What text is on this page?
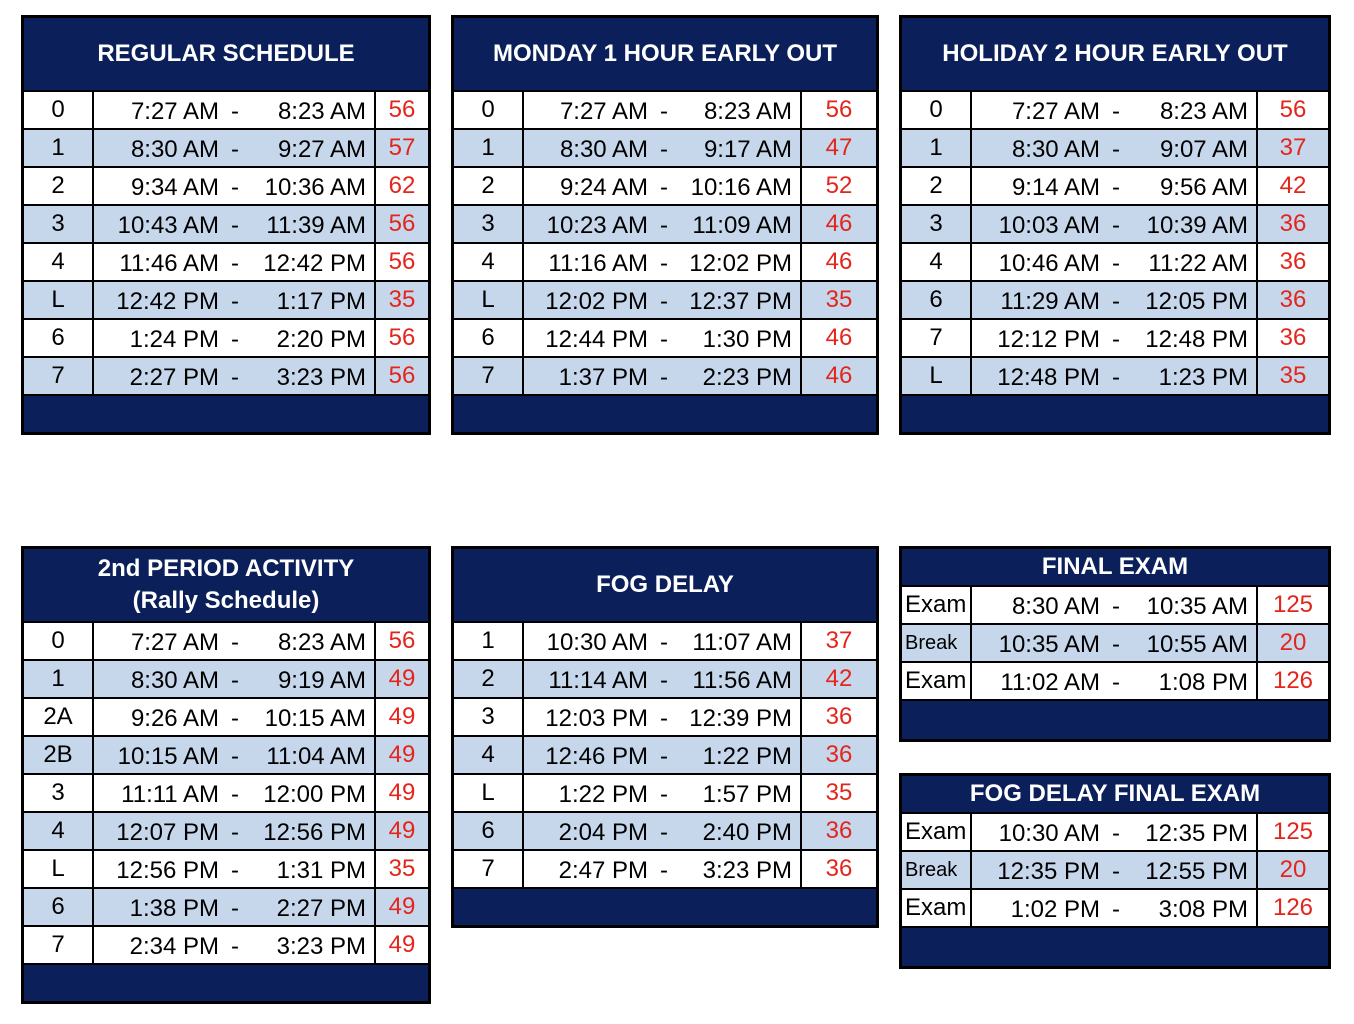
REGULAR SCHEDULE
0	7:27 AM - 8:23 AM 56
1	8:30 AM - 9:27 AM 57
2	9:34 AM - 10:36 AM 62
3	10:43 AM - 11:39 AM 56
4	11:46 AM - 12:42 PM 56
L	12:42 PM - 1:17 PM 35
6	1:24 PM - 2:20 PM 56
7	2:27 PM - 3:23 PM 56
MONDAY 1 HOUR EARLY OUT
0	7:27 AM - 8:23 AM	56
1	8:30 AM - 9:17 AM	47
2	9:24 AM - 10:16 AM	52
3	10:23 AM - 11:09 AM	46
4	11:16 AM - 12:02 PM	46
L	12:02 PM - 12:37 PM	35
6	12:44 PM - 1:30 PM	46
7	1:37 PM - 2:23 PM	46
HOLIDAY 2 HOUR EARLY OUT
0	7:27 AM - 8:23 AM	56
1	8:30 AM - 9:07 AM	37
2	9:14 AM - 9:56 AM	42
3	10:03 AM - 10:39 AM	36
4	10:46 AM - 11:22 AM	36
6	11:29 AM - 12:05 PM	36
7	12:12 PM - 12:48 PM	36
L	12:48 PM - 1:23 PM	35
2nd PERIOD ACTIVITY
(Rally Schedule)
0	7:27 AM - 8:23 AM 56
1	8:30 AM - 9:19 AM 49
2A	9:26 AM - 10:15 AM 49
2B	10:15 AM - 11:04 AM 49
3	11:11 AM - 12:00 PM 49
4	12:07 PM - 12:56 PM 49
L	12:56 PM - 1:31 PM 35
6	1:38 PM - 2:27 PM 49
7	2:34 PM - 3:23 PM 49
FOG DELAY
1	10:30 AM - 11:07 AM	37
2	11:14 AM - 11:56 AM	42
3	12:03 PM - 12:39 PM	36
4	12:46 PM - 1:22 PM	36
L	1:22 PM - 1:57 PM	35
6	2:04 PM - 2:40 PM	36
7	2:47 PM - 3:23 PM	36
FINAL EXAM
Exam 8:30 AM - 10:35 AM	125
Break	10:35 AM - 10:55 AM	20
Exam 11:02 AM - 1:08 PM	126
FOG DELAY FINAL EXAM
Exam 10:30 AM - 12:35 PM	125
Break	12:35 PM - 12:55 PM	20
Exam 1:02 PM - 3:08 PM	126
